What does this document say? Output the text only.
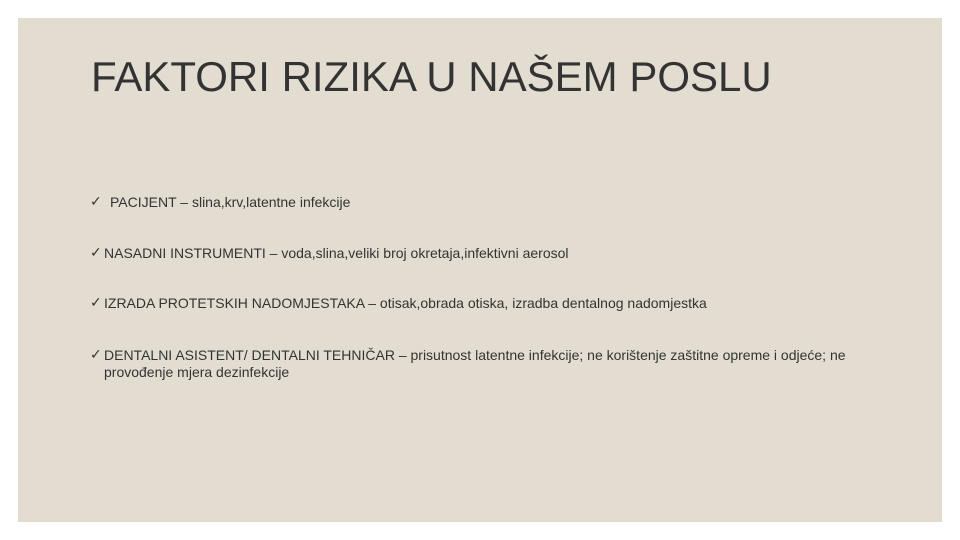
FAKTORI RIZIKA U NAŠEM POSLU
✓ PACIJENT – slina,krv,latentne infekcije
✓ NASADNI INSTRUMENTI – voda,slina,veliki broj okretaja,infektivni aerosol
✓ IZRADA PROTETSKIH NADOMJESTAKA – otisak,obrada otiska, izradba dentalnog nadomjestka
✓ DENTALNI ASISTENT/ DENTALNI TEHNIČAR – prisutnost latentne infekcije; ne korištenje zaštitne opreme i odjeće; ne provođenje mjera dezinfekcije
